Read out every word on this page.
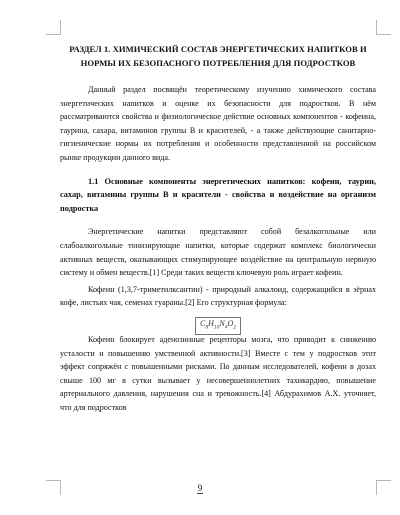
РАЗДЕЛ 1. ХИМИЧЕСКИЙ СОСТАВ ЭНЕРГЕТИЧЕСКИХ НАПИТКОВ И НОРМЫ ИХ БЕЗОПАСНОГО ПОТРЕБЛЕНИЯ ДЛЯ ПОДРОСТКОВ

Данный раздел посвящён теоретическому изучению химического состава энергетических напитков и оценке их безопасности для подростков. В нём рассматриваются свойства и физиологическое действие основных компонентов - кофеина, таурина, сахара, витаминов группы В и красителей, - а также действующие санитарно-гигиенические нормы их потребления и особенности представленной на российском рынке продукции данного вида.

1.1 Основные компоненты энергетических напитков: кофеин, таурин, сахар, витамины группы В и красители - свойства и воздействие на организм подростка

Энергетические напитки представляют собой безалкогольные или слабоалкогольные тонизирующие напитки, которые содержат комплекс биологически активных веществ, оказывающих стимулирующее воздействие на центральную нервную систему и обмен веществ.[1] Среди таких веществ ключевую роль играет кофеин.

Кофеин (1,3,7-триметилксантин) - природный алкалоид, содержащийся в зёрнах кофе, листьях чая, семенах гуараны.[2] Его структурная формула:

$C_8H_{10}N_4O_2$

Кофеин блокирует аденозинные рецепторы мозга, что приводит к снижению усталости и повышению умственной активности.[3] Вместе с тем у подростков этот эффект сопряжён с повышенными рисками. По данным исследователей, кофеин в дозах свыше 100 мг в сутки вызывает у несовершеннолетних тахикардию, повышение артериального давления, нарушения сна и тревожность.[4] Абдурахимов А.Х. уточняет, что для подростков

9
